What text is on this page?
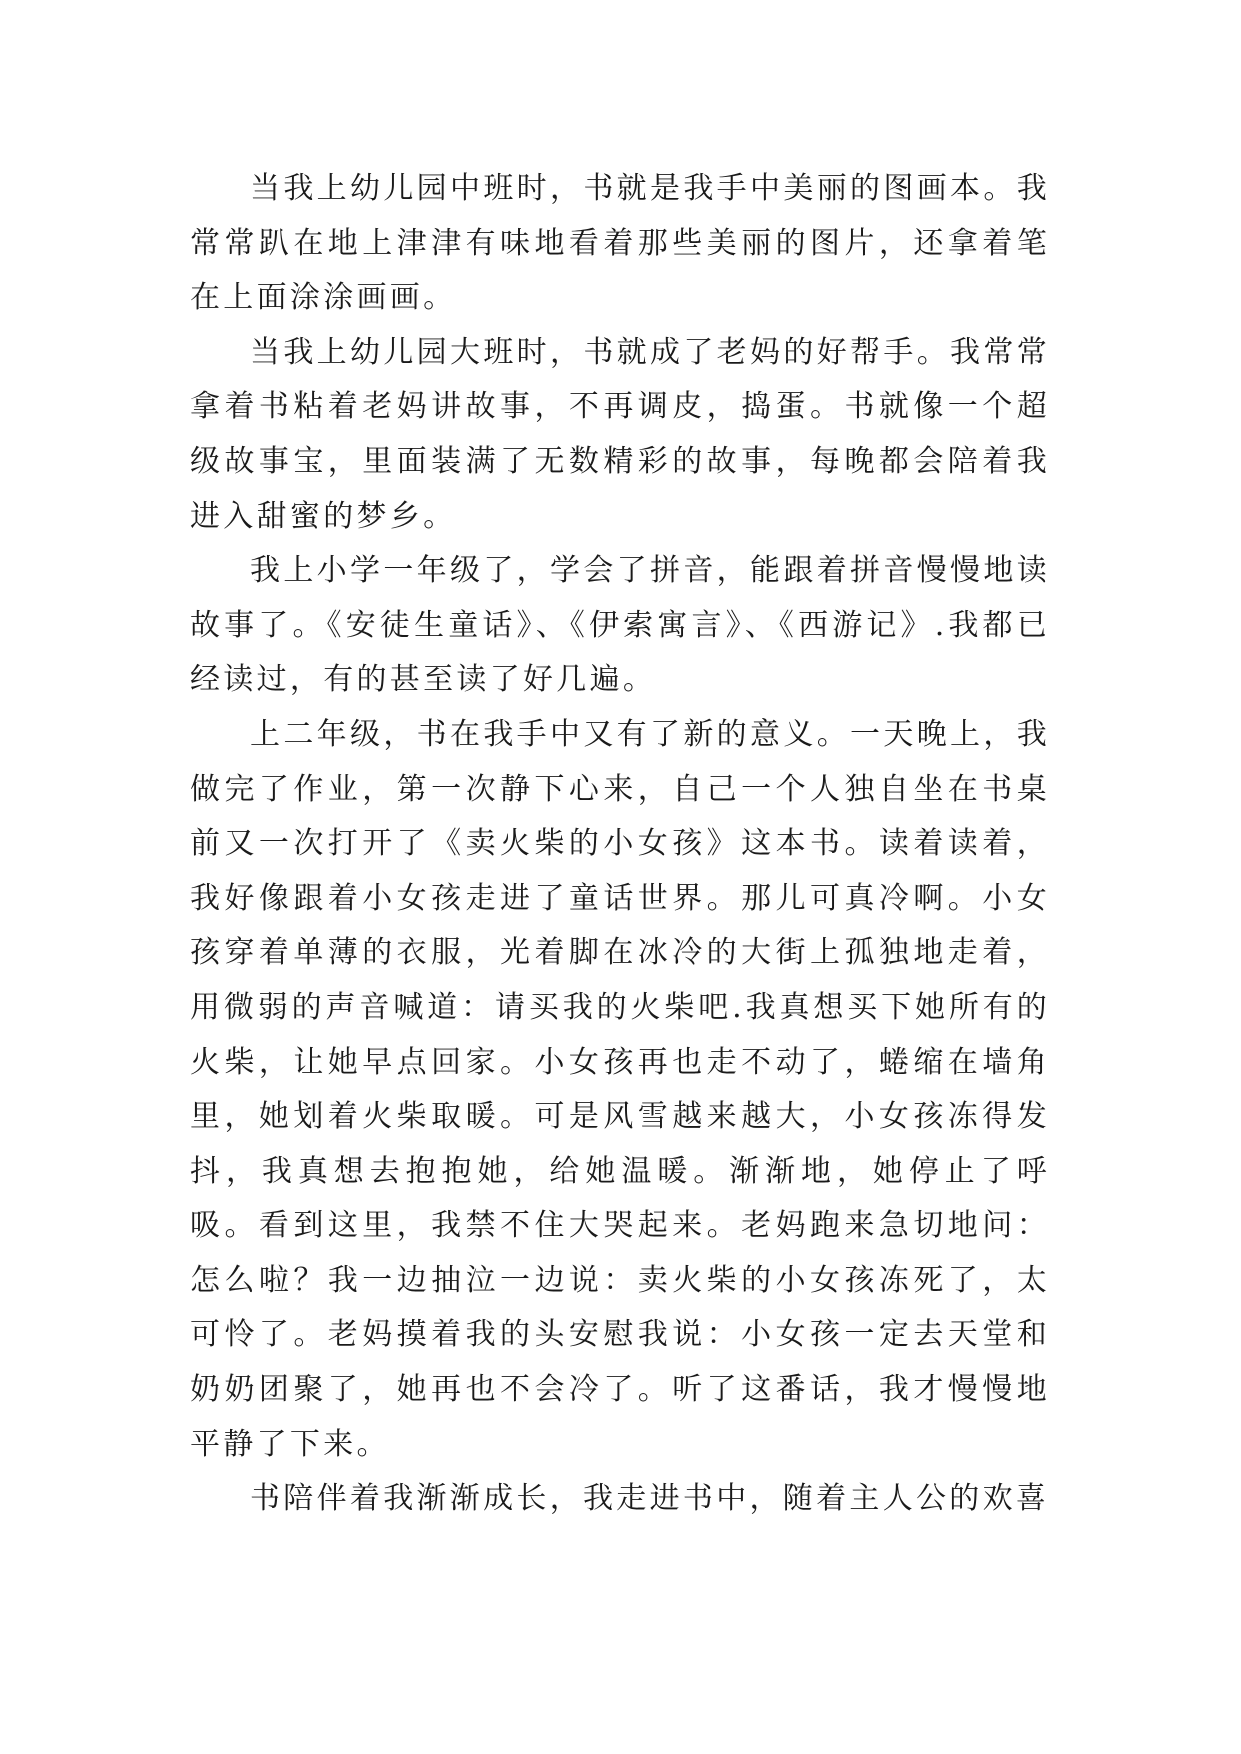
当我上幼儿园中班时，书就是我手中美丽的图画本。我常常趴在地上津津有味地看着那些美丽的图片，还拿着笔在上面涂涂画画。

当我上幼儿园大班时，书就成了老妈的好帮手。我常常拿着书粘着老妈讲故事，不再调皮，捣蛋。书就像一个超级故事宝，里面装满了无数精彩的故事，每晚都会陪着我进入甜蜜的梦乡。

我上小学一年级了，学会了拼音，能跟着拼音慢慢地读故事了。《安徒生童话》、《伊索寓言》、《西游记》.我都已经读过，有的甚至读了好几遍。

上二年级，书在我手中又有了新的意义。一天晚上，我做完了作业，第一次静下心来，自己一个人独自坐在书桌前又一次打开了《卖火柴的小女孩》这本书。读着读着，我好像跟着小女孩走进了童话世界。那儿可真冷啊。小女孩穿着单薄的衣服，光着脚在冰冷的大街上孤独地走着，用微弱的声音喊道：请买我的火柴吧.我真想买下她所有的火柴，让她早点回家。小女孩再也走不动了，蜷缩在墙角里，她划着火柴取暖。可是风雪越来越大，小女孩冻得发抖，我真想去抱抱她，给她温暖。渐渐地，她停止了呼吸。看到这里，我禁不住大哭起来。老妈跑来急切地问：怎么啦？我一边抽泣一边说：卖火柴的小女孩冻死了，太可怜了。老妈摸着我的头安慰我说：小女孩一定去天堂和奶奶团聚了，她再也不会冷了。听了这番话，我才慢慢地平静了下来。

书陪伴着我渐渐成长，我走进书中，随着主人公的欢喜
